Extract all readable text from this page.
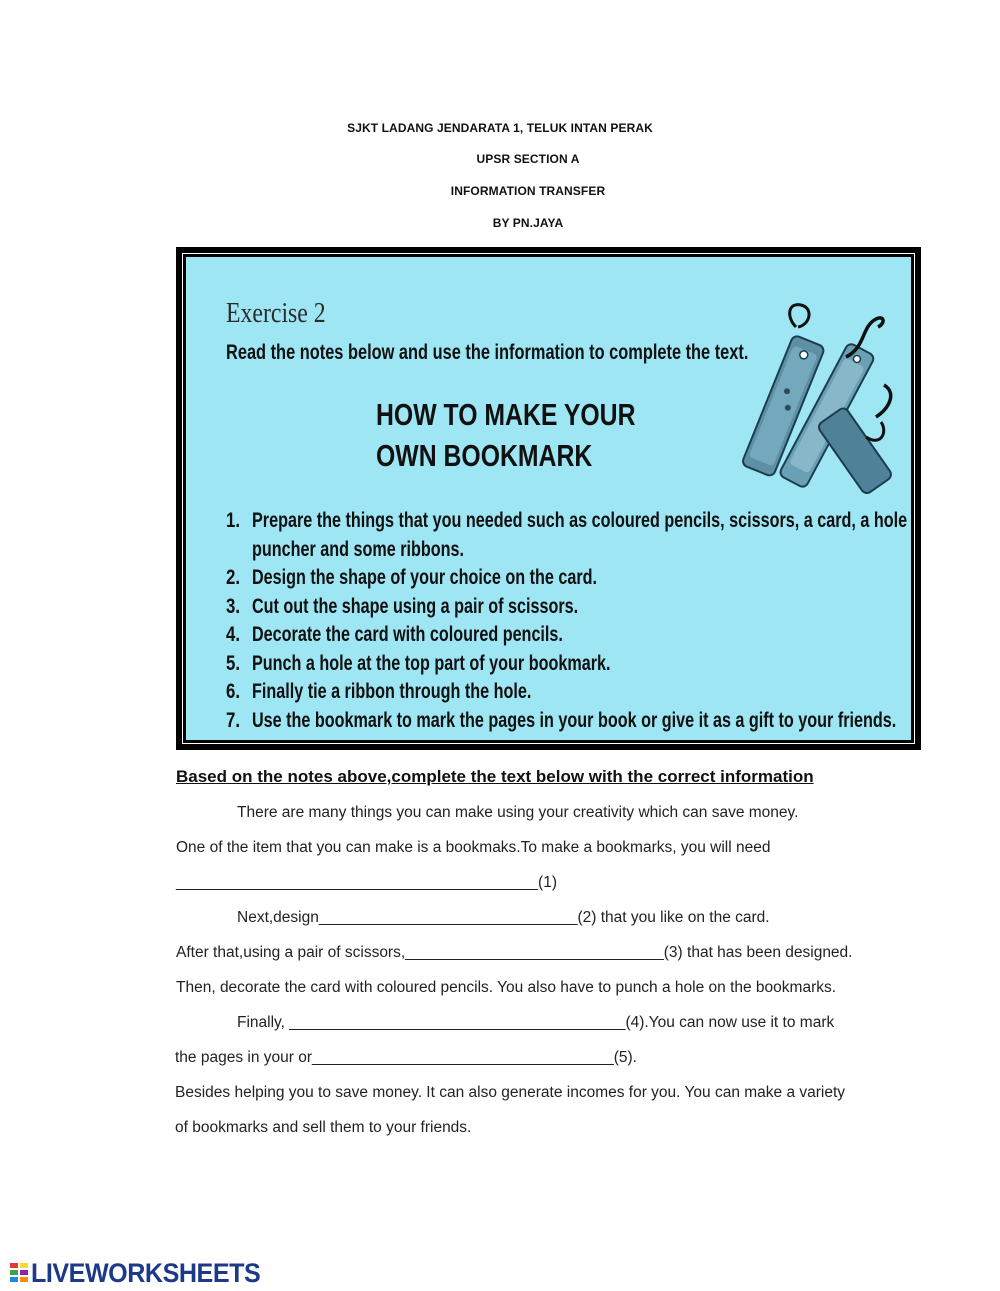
SJKT LADANG JENDARATA 1, TELUK INTAN PERAK
UPSR SECTION A
INFORMATION TRANSFER
BY PN.JAYA
Exercise 2
Read the notes below and use the information to complete the text.
HOW TO MAKE YOUR
OWN BOOKMARK
1. Prepare the things that you needed such as coloured pencils, scissors, a card, a hole
puncher and some ribbons.
2. Design the shape of your choice on the card.
3. Cut out the shape using a pair of scissors.
4. Decorate the card with coloured pencils.
5. Punch a hole at the top part of your bookmark.
6. Finally tie a ribbon through the hole.
7. Use the bookmark to mark the pages in your book or give it as a gift to your friends.
Based on the notes above,complete the text below with the correct information
There are many things you can make using your creativity which can save money.
One of the item that you can make is a bookmaks.To make a bookmarks, you will need
__________________________________________(1)
Next,design______________________________(2) that you like on the card.
After that,using a pair of scissors,______________________________(3) that has been designed.
Then, decorate the card with coloured pencils. You also have to punch a hole on the bookmarks.
Finally, _______________________________________(4).You can now use it to mark
the pages in your or___________________________________(5).
Besides helping you to save money. It can also generate incomes for you. You can make a variety
of bookmarks and sell them to your friends.
LIVEWORKSHEETS
